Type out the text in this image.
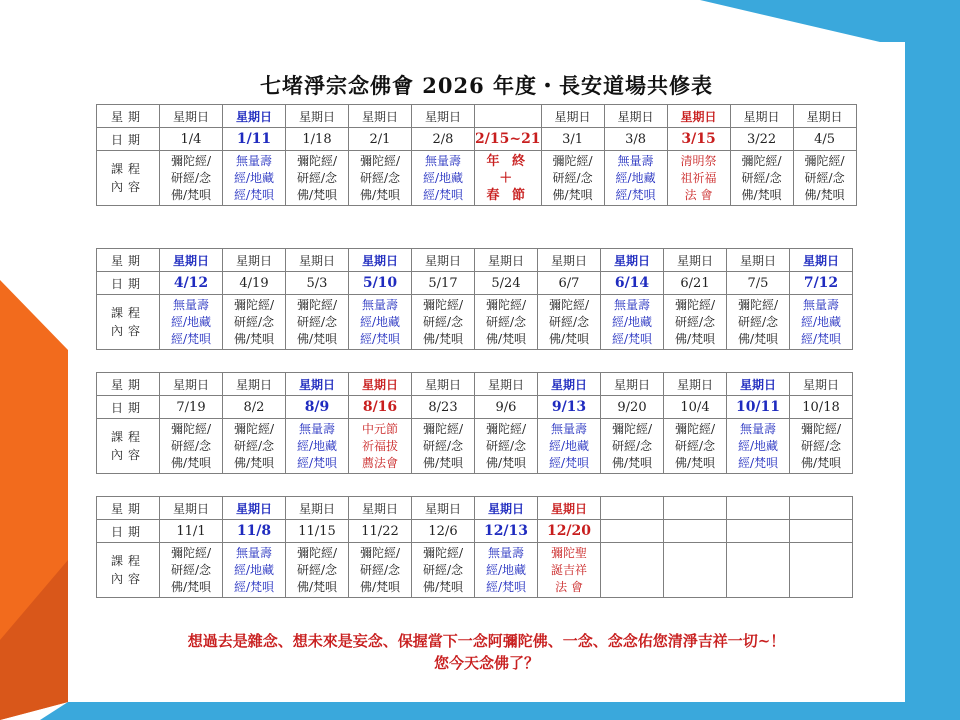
七堵淨宗念佛會 2026 年度・長安道場共修表
星期	星期日	星期日	星期日	星期日	星期日		星期日	星期日	星期日	星期日	星期日
日期	1/4	1/11	1/18	2/1	2/8	2/15~21	3/1	3/8	3/15	3/22	4/5

課程
內容	彌陀經/
研經/念
佛/梵唄	無量壽
經/地藏
經/梵唄	彌陀經/
研經/念
佛/梵唄	彌陀經/
研經/念
佛/梵唄	無量壽
經/地藏
經/梵唄	年 終
＋
春 節	彌陀經/
研經/念
佛/梵唄	無量壽
經/地藏
經/梵唄	清明祭
祖祈福
法 會	彌陀經/
研經/念
佛/梵唄	彌陀經/
研經/念
佛/梵唄
星期	星期日	星期日	星期日	星期日	星期日	星期日	星期日	星期日	星期日	星期日	星期日
日期	4/12	4/19	5/3	5/10	5/17	5/24	6/7	6/14	6/21	7/5	7/12

課程
內容	無量壽
經/地藏
經/梵唄	彌陀經/
研經/念
佛/梵唄	彌陀經/
研經/念
佛/梵唄	無量壽
經/地藏
經/梵唄	彌陀經/
研經/念
佛/梵唄	彌陀經/
研經/念
佛/梵唄	彌陀經/
研經/念
佛/梵唄	無量壽
經/地藏
經/梵唄	彌陀經/
研經/念
佛/梵唄	彌陀經/
研經/念
佛/梵唄	無量壽
經/地藏
經/梵唄
星期	星期日	星期日	星期日	星期日	星期日	星期日	星期日	星期日	星期日	星期日	星期日
日期	7/19	8/2	8/9	8/16	8/23	9/6	9/13	9/20	10/4	10/11	10/18

課程
內容	彌陀經/
研經/念
佛/梵唄	彌陀經/
研經/念
佛/梵唄	無量壽
經/地藏
經/梵唄	中元節
祈福拔
薦法會	彌陀經/
研經/念
佛/梵唄	彌陀經/
研經/念
佛/梵唄	無量壽
經/地藏
經/梵唄	彌陀經/
研經/念
佛/梵唄	彌陀經/
研經/念
佛/梵唄	無量壽
經/地藏
經/梵唄	彌陀經/
研經/念
佛/梵唄
星期	星期日	星期日	星期日	星期日	星期日	星期日	星期日				
日期	11/1	11/8	11/15	11/22	12/6	12/13	12/20				

課程
內容	彌陀經/
研經/念
佛/梵唄	無量壽
經/地藏
經/梵唄	彌陀經/
研經/念
佛/梵唄	彌陀經/
研經/念
佛/梵唄	彌陀經/
研經/念
佛/梵唄	無量壽
經/地藏
經/梵唄	彌陀聖
誕吉祥
法 會				

想過去是雜念、想未來是妄念、保握當下一念阿彌陀佛、一念、念念佑您清淨吉祥一切~！
您今天念佛了？
